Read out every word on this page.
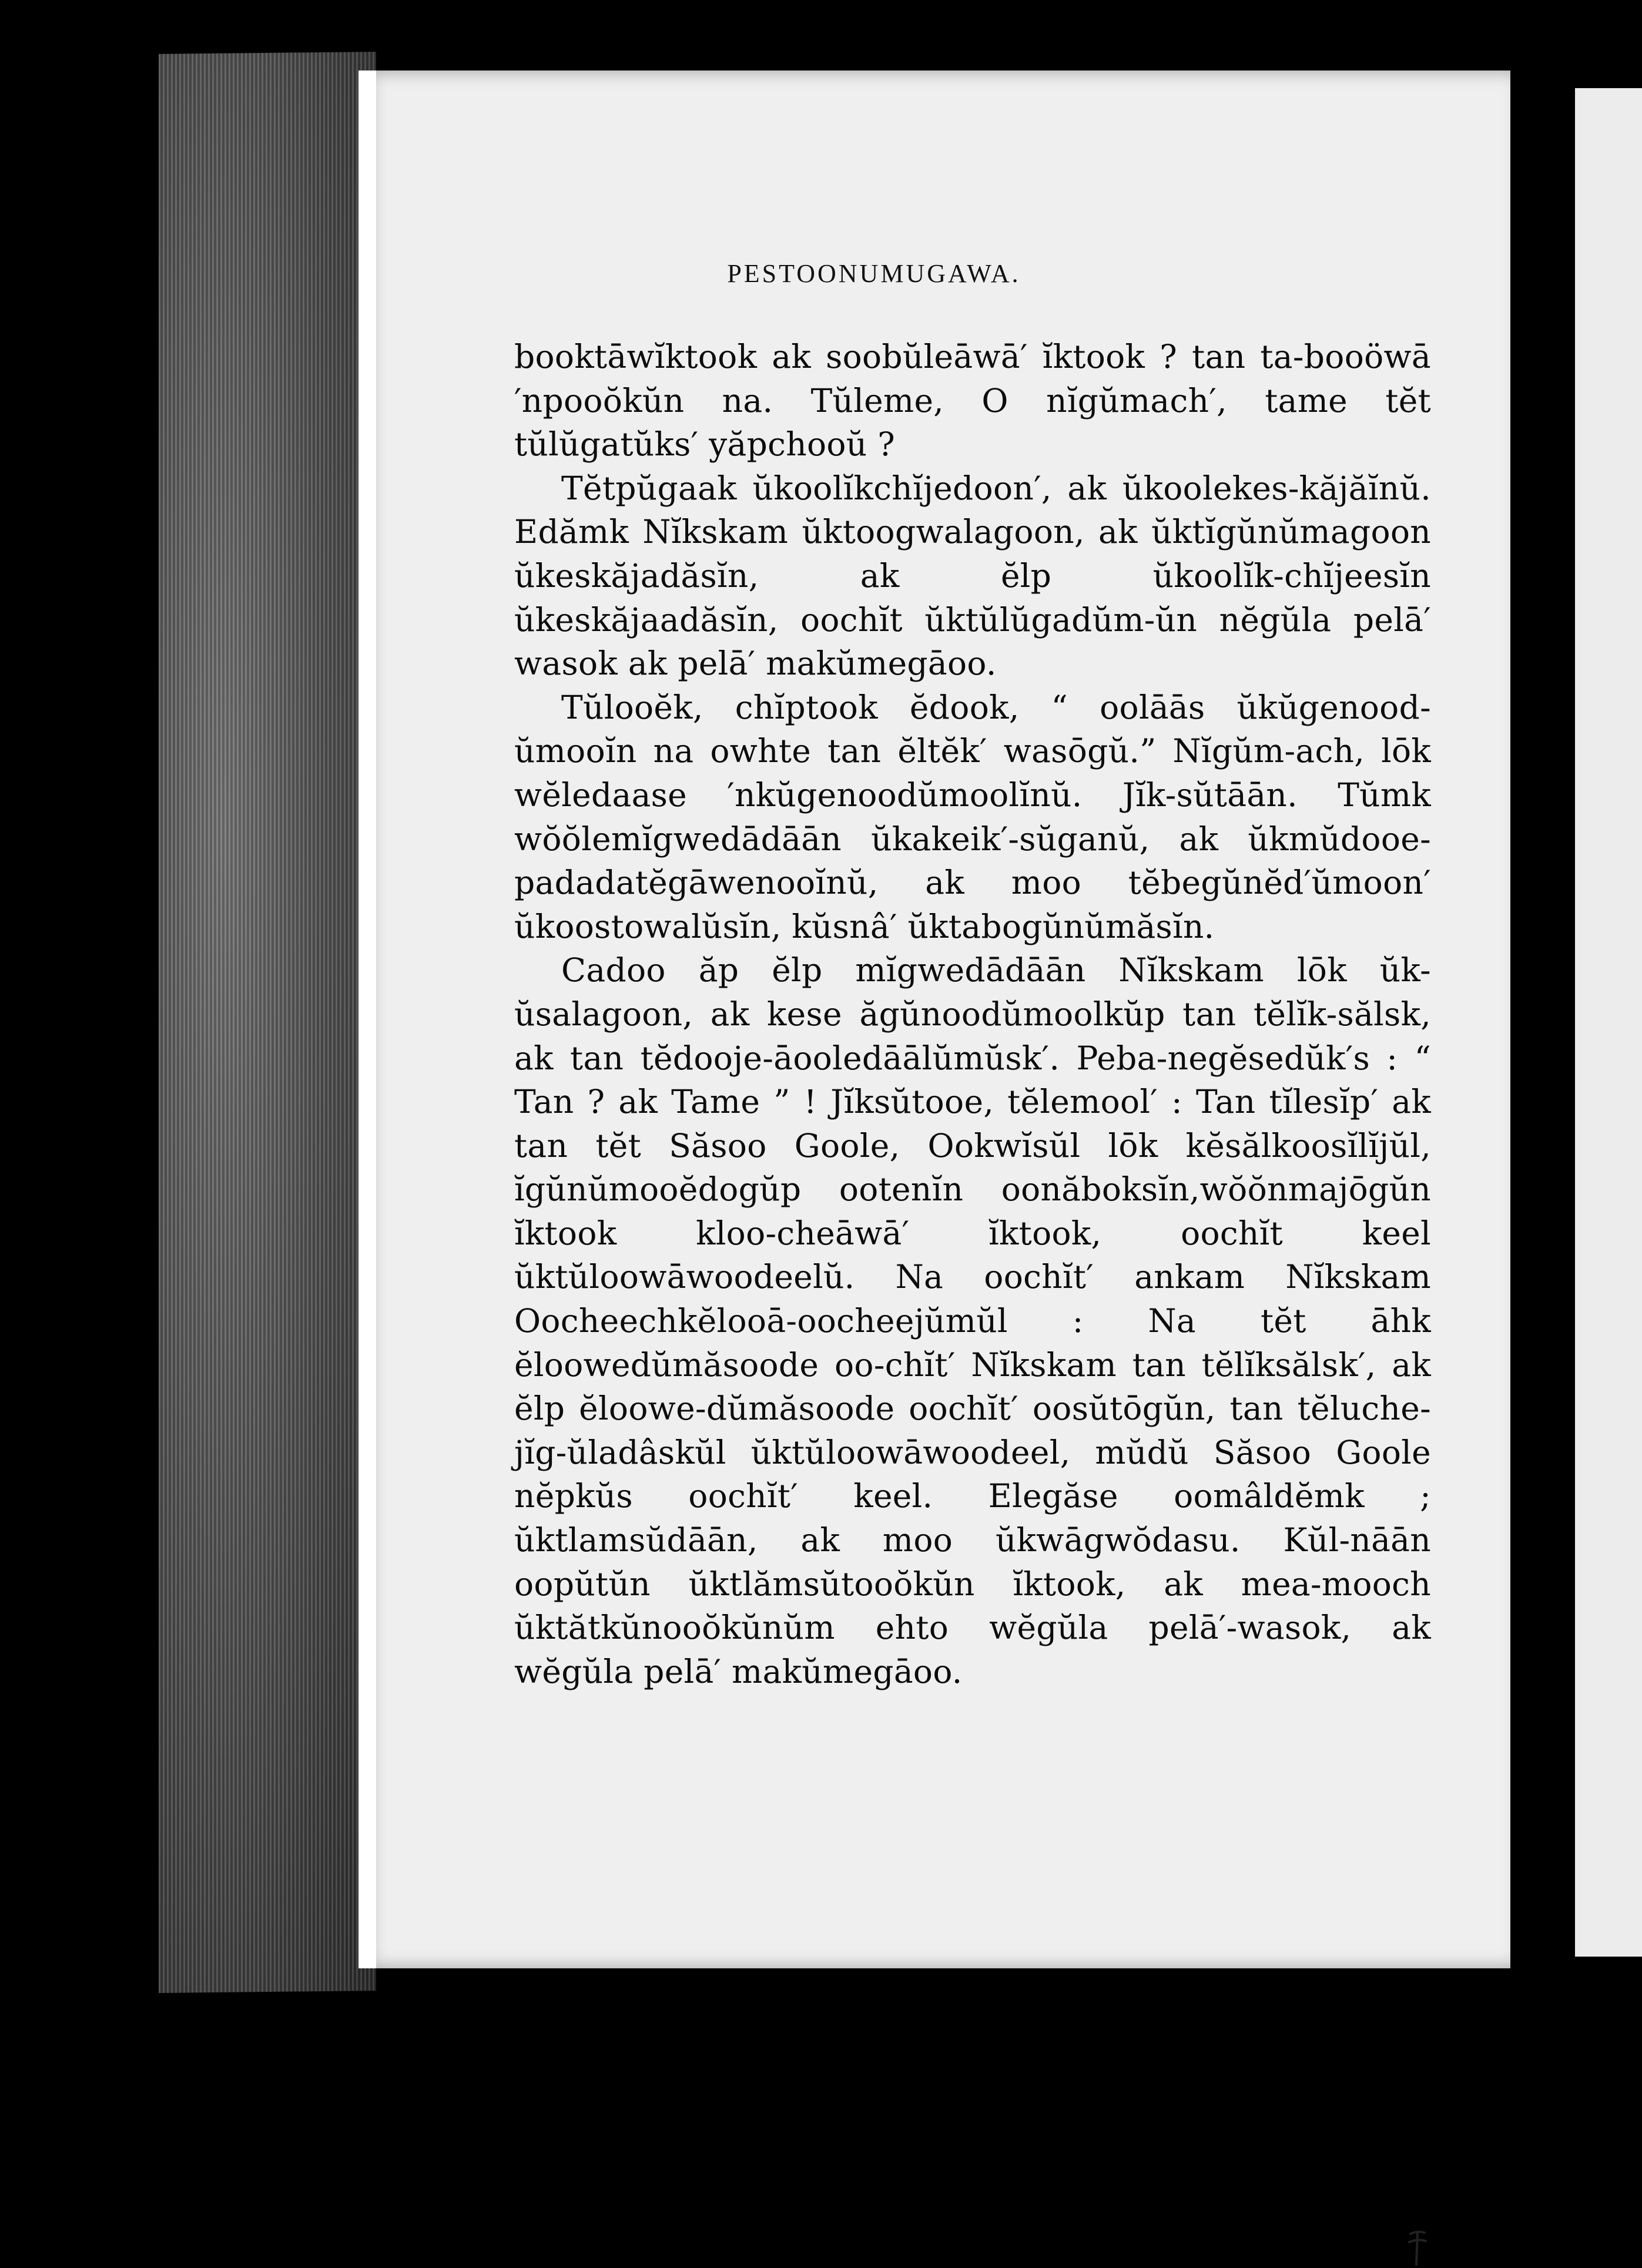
PESTOONUMUGAWA.

booktāwĭktook ak soobŭleāwā′ ĭktook ? tan ta-booöwā ′npooŏkŭn na. Tŭleme, O nĭgŭmach′, tame tĕt tŭlŭgatŭks′ yăpchooŭ ?

Tĕtpŭgaak ŭkoolĭkchĭjedoon′, ak ŭkoolekes-kăjăĭnŭ. Edămk Nĭkskam ŭktoogwalagoon, ak ŭktĭgŭnŭmagoon ŭkeskăjadăsĭn, ak ĕlp ŭkoolĭk-chĭjeesĭn ŭkeskăjaadăsĭn, oochĭt ŭktŭlŭgadŭm-ŭn nĕgŭla pelā′ wasok ak pelā′ makŭmegāoo.

Tŭlooĕk, chĭptook ĕdook, “ oolāās ŭkŭgenood-ŭmooĭn na owhte tan ĕltĕk′ wasōgŭ.” Nĭgŭm-ach, lōk wĕledaase ′nkŭgenoodŭmoolĭnŭ. Jĭk-sŭtāān. Tŭmk wŏŏlemĭgwedādāān ŭkakeik′-sŭganŭ, ak ŭkmŭdooe-padadatĕgāwenooĭnŭ, ak moo tĕbegŭnĕd′ŭmoon′ ŭkoostowalŭsĭn, kŭsnâ′ ŭktabogŭnŭmăsĭn.

Cadoo ăp ĕlp mĭgwedādāān Nĭkskam lōk ŭk-ŭsalagoon, ak kese ăgŭnoodŭmoolkŭp tan tĕlĭk-sălsk, ak tan tĕdooje-āooledāālŭmŭsk′. Peba-negĕsedŭk′s : “ Tan ? ak Tame ” ! Jĭksŭtooe, tĕlemool′ : Tan tĭlesĭp′ ak tan tĕt Săsoo Goole, Ookwĭsŭl lōk kĕsălkoosĭlĭjŭl, ĭgŭnŭmooĕdogŭp ootenĭn oonăboksĭn,wŏŏnmajōgŭn ĭktook kloo-cheāwā′ ĭktook, oochĭt keel ŭktŭloowāwoodeelŭ. Na oochĭt′ ankam Nĭkskam Oocheechkĕlooā-oocheejŭmŭl : Na tĕt āhk ĕloowedŭmăsoode oo-chĭt′ Nĭkskam tan tĕlĭksălsk′, ak ĕlp ĕloowe-dŭmăsoode oochĭt′ oosŭtōgŭn, tan tĕluche-jĭg-ŭladâskŭl ŭktŭloowāwoodeel, mŭdŭ Săsoo Goole nĕpkŭs oochĭt′ keel. Elegăse oomâldĕmk ; ŭktlamsŭdāān, ak moo ŭkwāgwŏdasu. Kŭl-nāān oopŭtŭn ŭktlămsŭtooŏkŭn ĭktook, ak mea-mooch ŭktătkŭnooŏkŭnŭm ehto wĕgŭla pelā′-wasok, ak wĕgŭla pelā′ makŭmegāoo.
